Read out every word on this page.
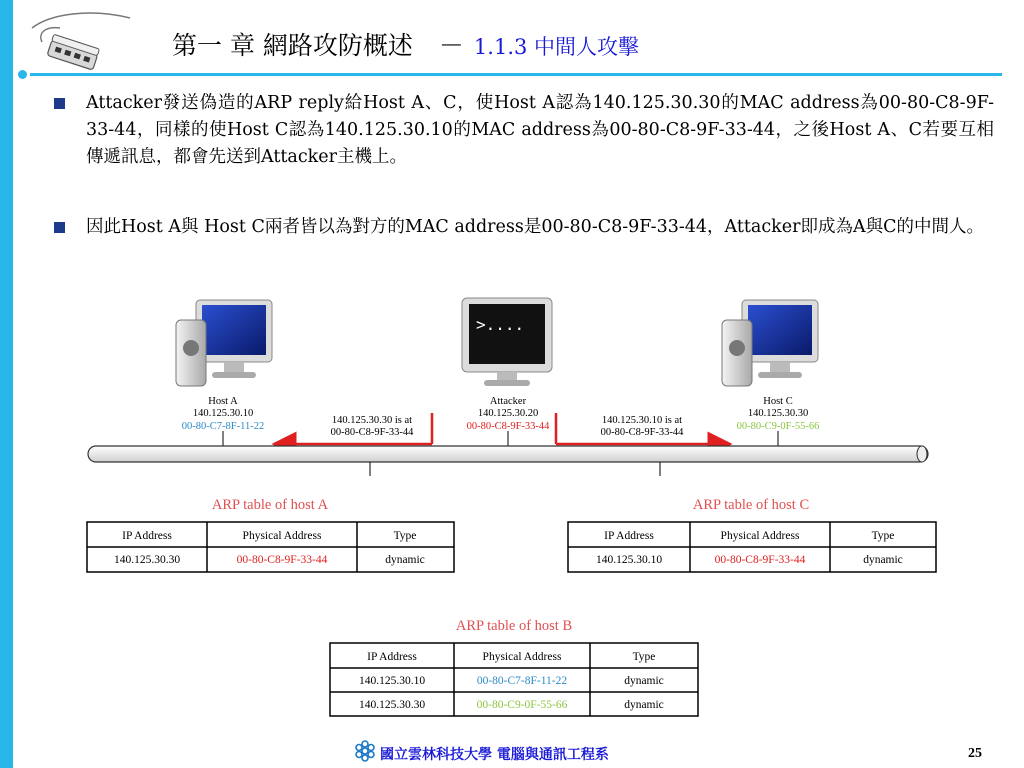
第一 章 網路攻防概述 － 1.1.3 中間人攻擊
Attacker發送偽造的ARP reply給Host A、C，使Host A認為140.125.30.30的MAC address為00-80-C8-9F-33-44，同樣的使Host C認為140.125.30.10的MAC address為00-80-C8-9F-33-44，之後Host A、C若要互相傳遞訊息，都會先送到Attacker主機上。
因此Host A與 Host C兩者皆以為對方的MAC address是00-80-C8-9F-33-44，Attacker即成為A與C的中間人。
>....
Host A
140.125.30.10
00-80-C7-8F-11-22
Attacker
140.125.30.20
00-80-C8-9F-33-44
Host C
140.125.30.30
00-80-C9-0F-55-66
140.125.30.30 is at
00-80-C8-9F-33-44
140.125.30.10 is at
00-80-C8-9F-33-44
ARP table of host A
IP Address	Physical Address	Type
140.125.30.30	00-80-C8-9F-33-44	dynamic
ARP table of host C
IP Address	Physical Address	Type
140.125.30.10	00-80-C8-9F-33-44	dynamic
ARP table of host B
IP Address	Physical Address	Type
140.125.30.10	00-80-C7-8F-11-22	dynamic
140.125.30.30	00-80-C9-0F-55-66	dynamic
國立雲林科技大學 電腦與通訊工程系	25
